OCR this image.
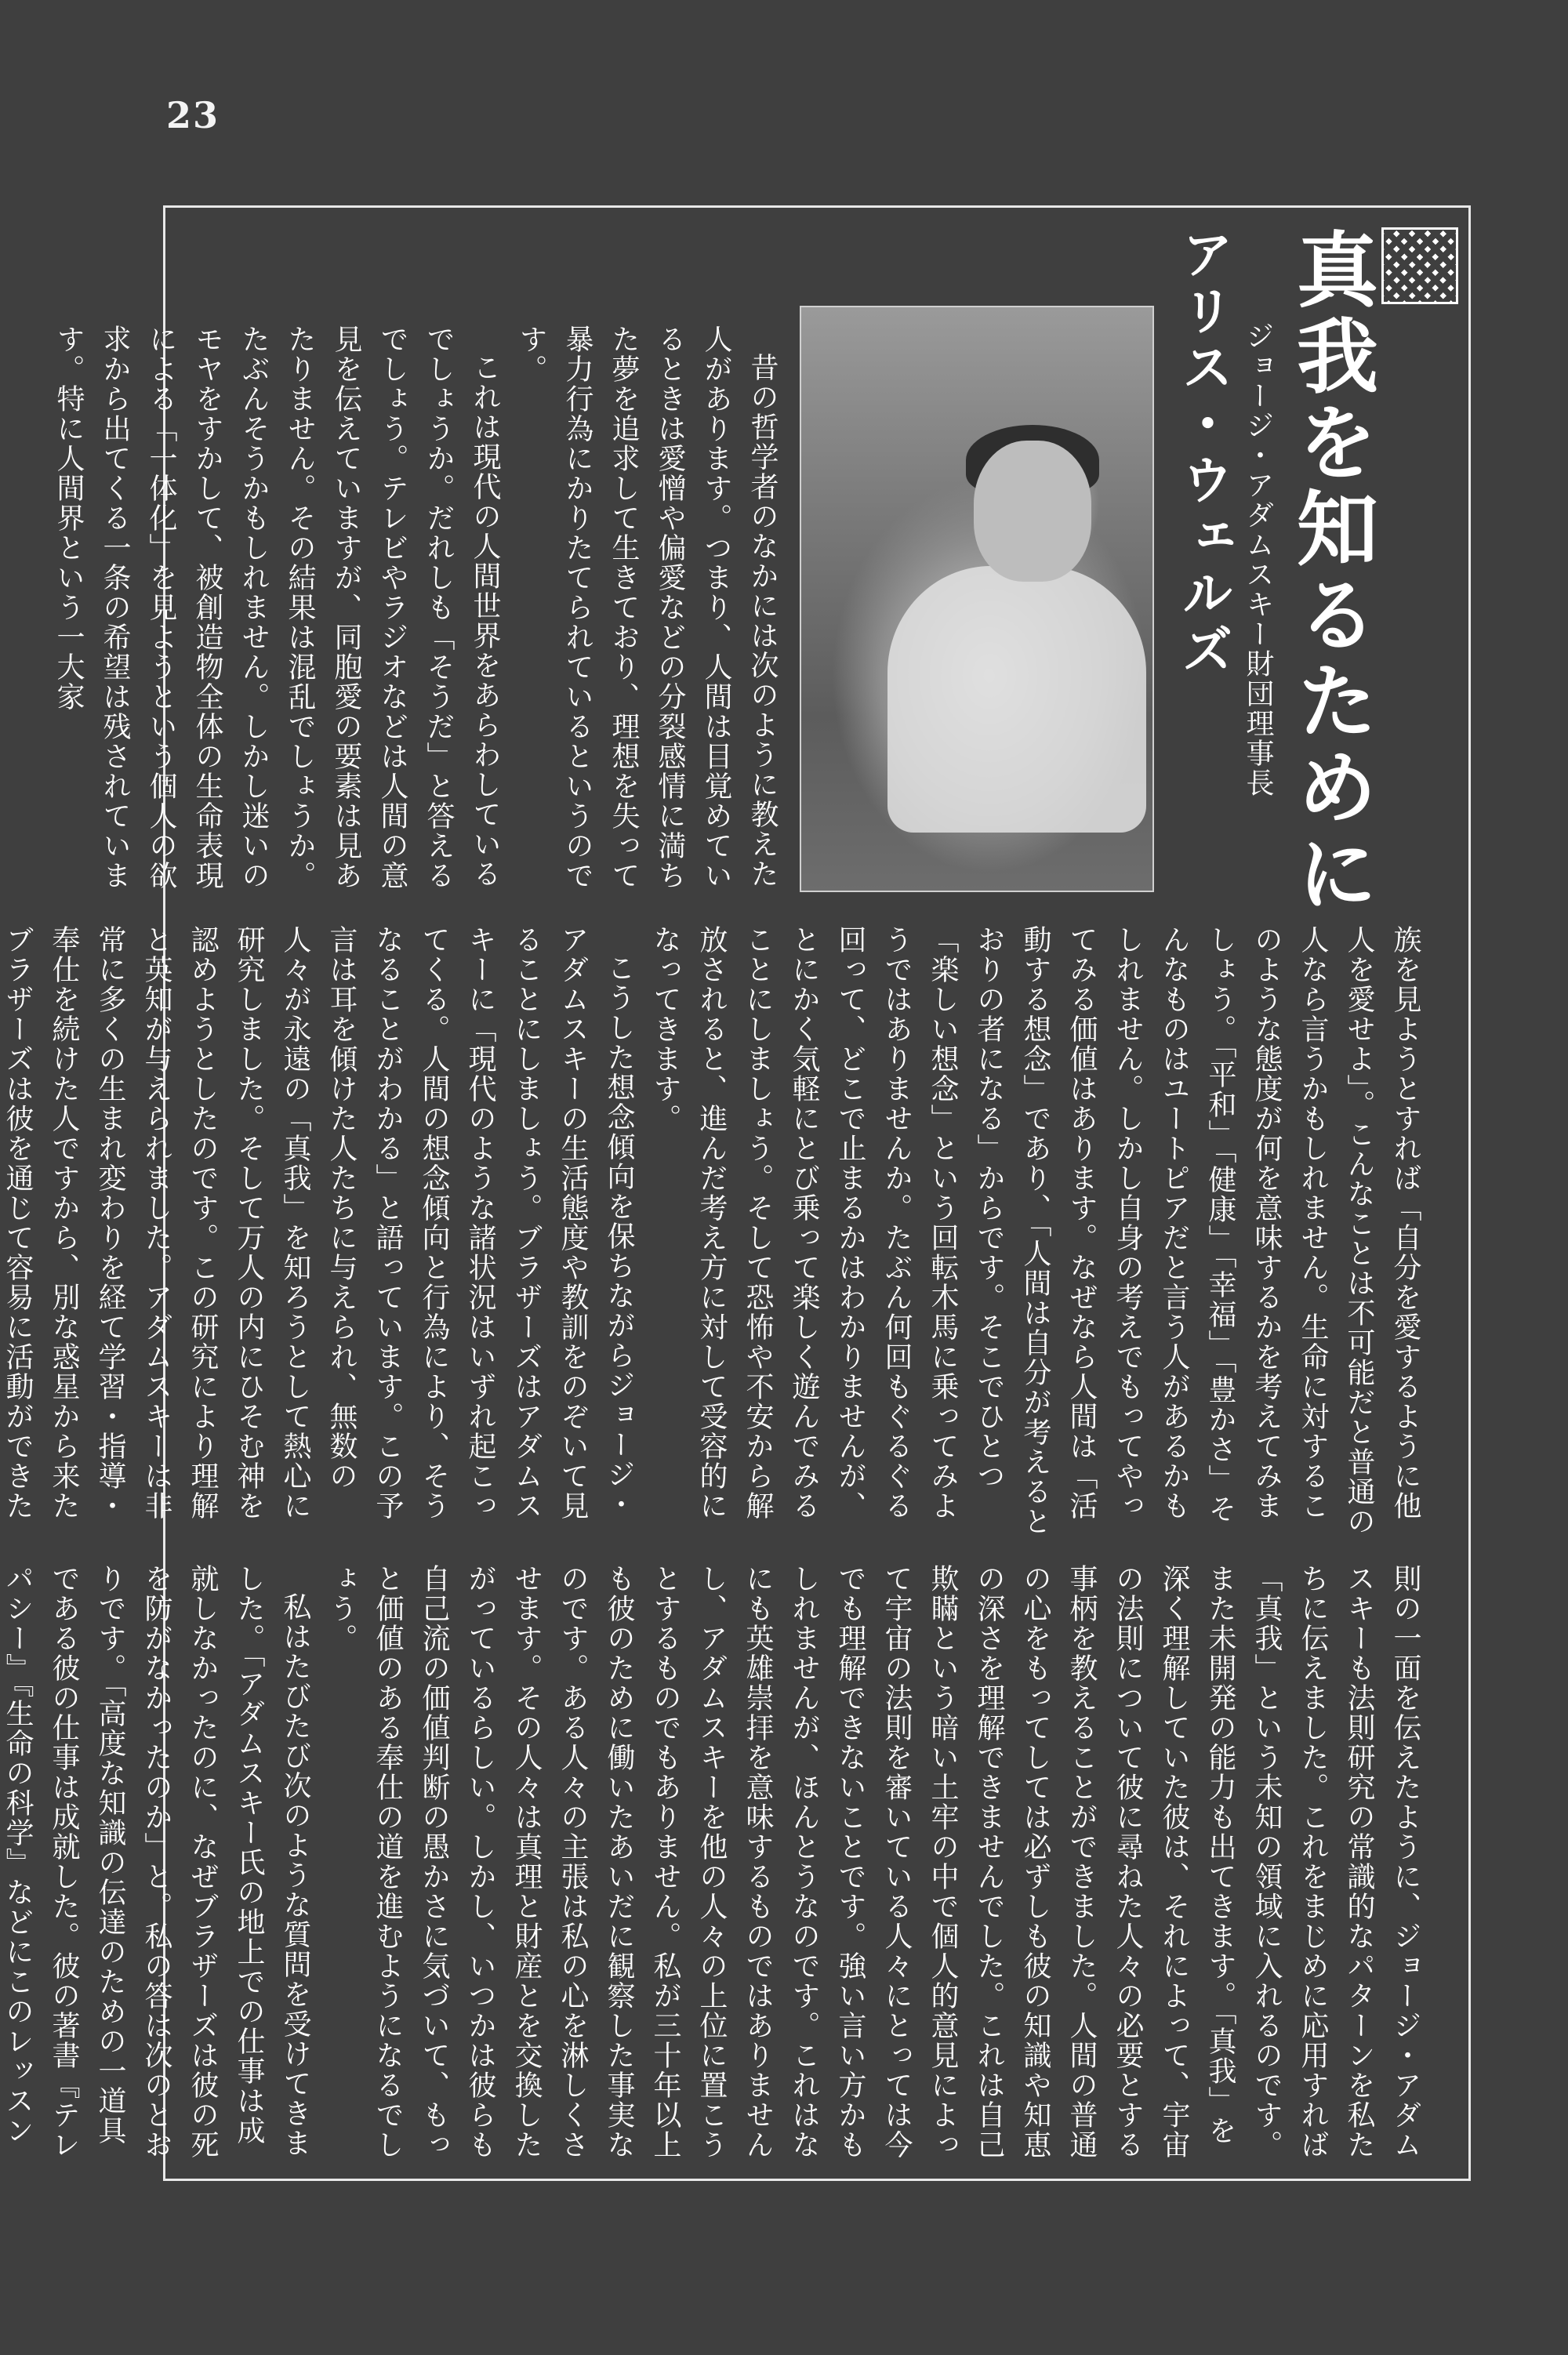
23
真我を知るために
ジョージ・アダムスキー財団理事長
アリス・ウェルズ

昔の哲学者のなかには次のように教えた人があります。つまり、人間は目覚めているときは愛憎や偏愛などの分裂感情に満ちた夢を追求して生きており、理想を失って暴力行為にかりたてられているというのです。

これは現代の人間世界をあらわしているでしょうか。だれしも「そうだ」と答えるでしょう。テレビやラジオなどは人間の意見を伝えていますが、同胞愛の要素は見あたりません。その結果は混乱でしょうか。たぶんそうかもしれません。しかし迷いのモヤをすかして、被創造物全体の生命表現による「一体化」を見ようという個人の欲求から出てくる一条の希望は残されています。特に人間界という一大家

族を見ようとすれば「自分を愛するように他人を愛せよ」。こんなことは不可能だと普通の人なら言うかもしれません。生命に対するこのような態度が何を意味するかを考えてみましょう。「平和」「健康」「幸福」「豊かさ」そんなものはユートピアだと言う人があるかもしれません。しかし自身の考えでもってやってみる価値はあります。なぜなら人間は「活動する想念」であり、「人間は自分が考えるとおりの者になる」からです。そこでひとつ「楽しい想念」という回転木馬に乗ってみようではありませんか。たぶん何回もぐるぐる回って、どこで止まるかはわかりませんが、とにかく気軽にとび乗って楽しく遊んでみることにしましょう。そして恐怖や不安から解放されると、進んだ考え方に対して受容的になってきます。

こうした想念傾向を保ちながらジョージ・アダムスキーの生活態度や教訓をのぞいて見ることにしましょう。ブラザーズはアダムスキーに「現代のような諸状況はいずれ起こってくる。人間の想念傾向と行為により、そうなることがわかる」と語っています。この予言は耳を傾けた人たちに与えられ、無数の人々が永遠の「真我」を知ろうとして熱心に研究しました。そして万人の内にひそむ神を認めようとしたのです。この研究により理解と英知が与えられました。アダムスキーは非常に多くの生まれ変わりを経て学習・指導・奉仕を続けた人ですから、別な惑星から来たブラザーズは彼を通じて容易に活動ができた

則の一面を伝えたように、ジョージ・アダムスキーも法則研究の常識的なパターンを私たちに伝えました。これをまじめに応用すれば「真我」という未知の領域に入れるのです。また未開発の能力も出てきます。「真我」を深く理解していた彼は、それによって、宇宙の法則について彼に尋ねた人々の必要とする事柄を教えることができました。人間の普通の心をもってしては必ずしも彼の知識や知恵の深さを理解できませんでした。これは自己欺瞞という暗い土牢の中で個人的意見によって宇宙の法則を審いている人々にとっては今でも理解できないことです。強い言い方かもしれませんが、ほんとうなのです。これはなにも英雄崇拝を意味するものではありませんし、アダムスキーを他の人々の上位に置こうとするものでもありません。私が三十年以上も彼のために働いたあいだに観察した事実なのです。ある人々の主張は私の心を淋しくさせます。その人々は真理と財産とを交換したがっているらしい。しかし、いつかは彼らも自己流の価値判断の愚かさに気づいて、もっと価値のある奉仕の道を進むようになるでしょう。

私はたびたび次のような質問を受けてきました。「アダムスキー氏の地上での仕事は成就しなかったのに、なぜブラザーズは彼の死を防がなかったのか」と。私の答は次のとおりです。「高度な知識の伝達のための一道具である彼の仕事は成就した。彼の著書『テレパシー』『生命の科学』などにこのレッスン
